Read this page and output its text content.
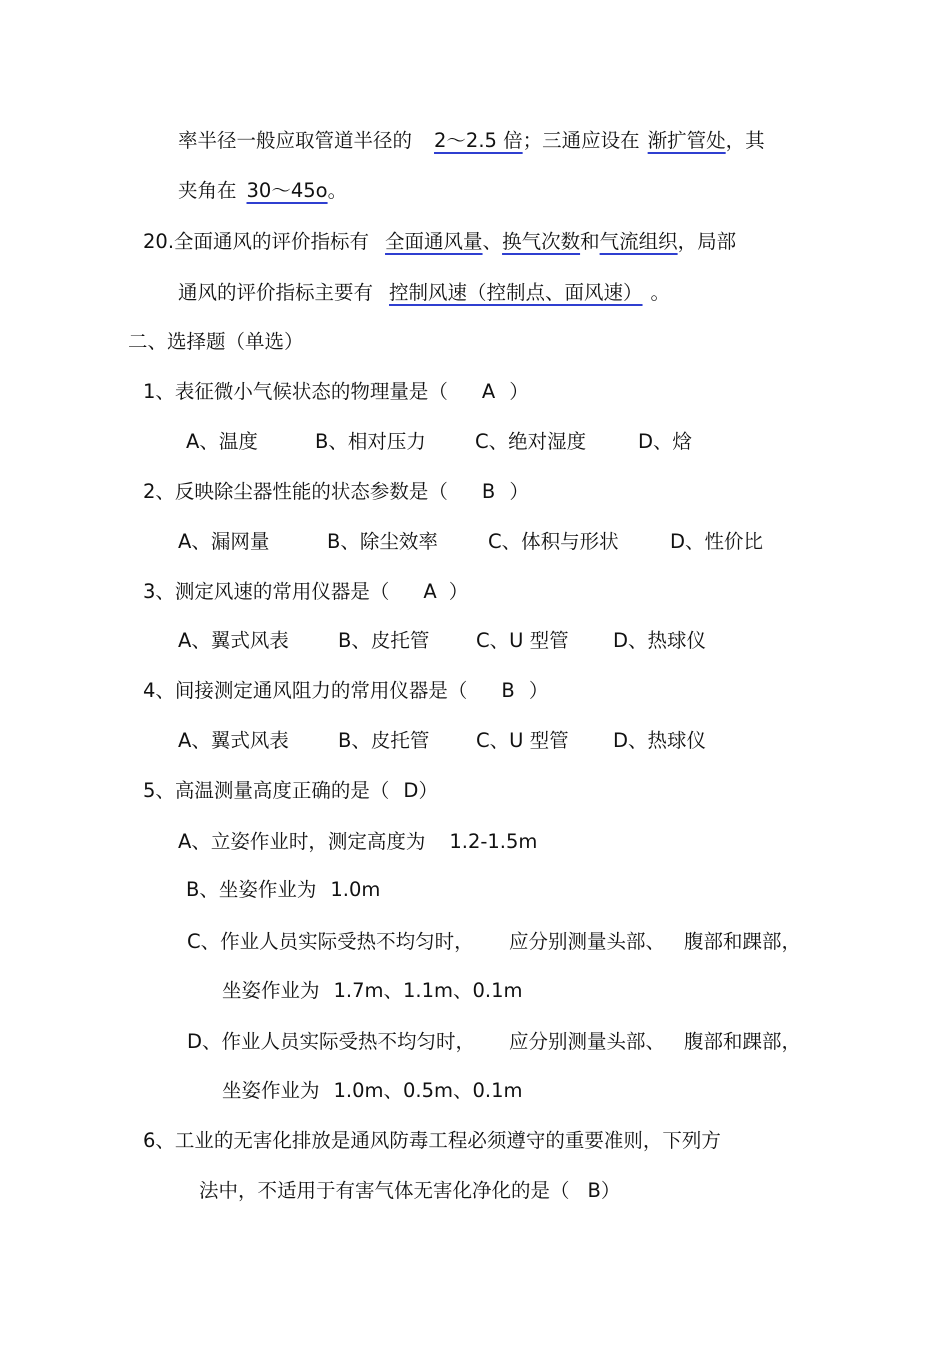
率半径一般应取管道半径的 2～2.5 倍；三通应设在 渐扩管处，其
夹角在 30～45o。
20.全面通风的评价指标有 全面通风量、换气次数和气流组织，局部
通风的评价指标主要有 控制风速（控制点、面风速） 。
二、选择题（单选）
1、表征微小气候状态的物理量是（ A ）
A、温度	B、相对压力	C、绝对湿度	D、焓
2、反映除尘器性能的状态参数是（ B ）
A、漏网量	B、除尘效率	C、体积与形状	D、性价比
3、测定风速的常用仪器是（ A ）
A、翼式风表	B、皮托管 C、U 型管 D、热球仪
4、间接测定通风阻力的常用仪器是（ B ）
A、翼式风表	B、皮托管 C、U 型管 D、热球仪
5、高温测量高度正确的是（ D）
A、立姿作业时，测定高度为 1.2-1.5m
B、坐姿作业为 1.0m
C、作业人员实际受热不均匀时， 应分别测量头部、 腹部和踝部，
坐姿作业为 1.7m、1.1m、0.1m
D、作业人员实际受热不均匀时， 应分别测量头部、 腹部和踝部，
坐姿作业为 1.0m、0.5m、0.1m
6、工业的无害化排放是通风防毒工程必须遵守的重要准则，下列方
法中，不适用于有害气体无害化净化的是（ B）
